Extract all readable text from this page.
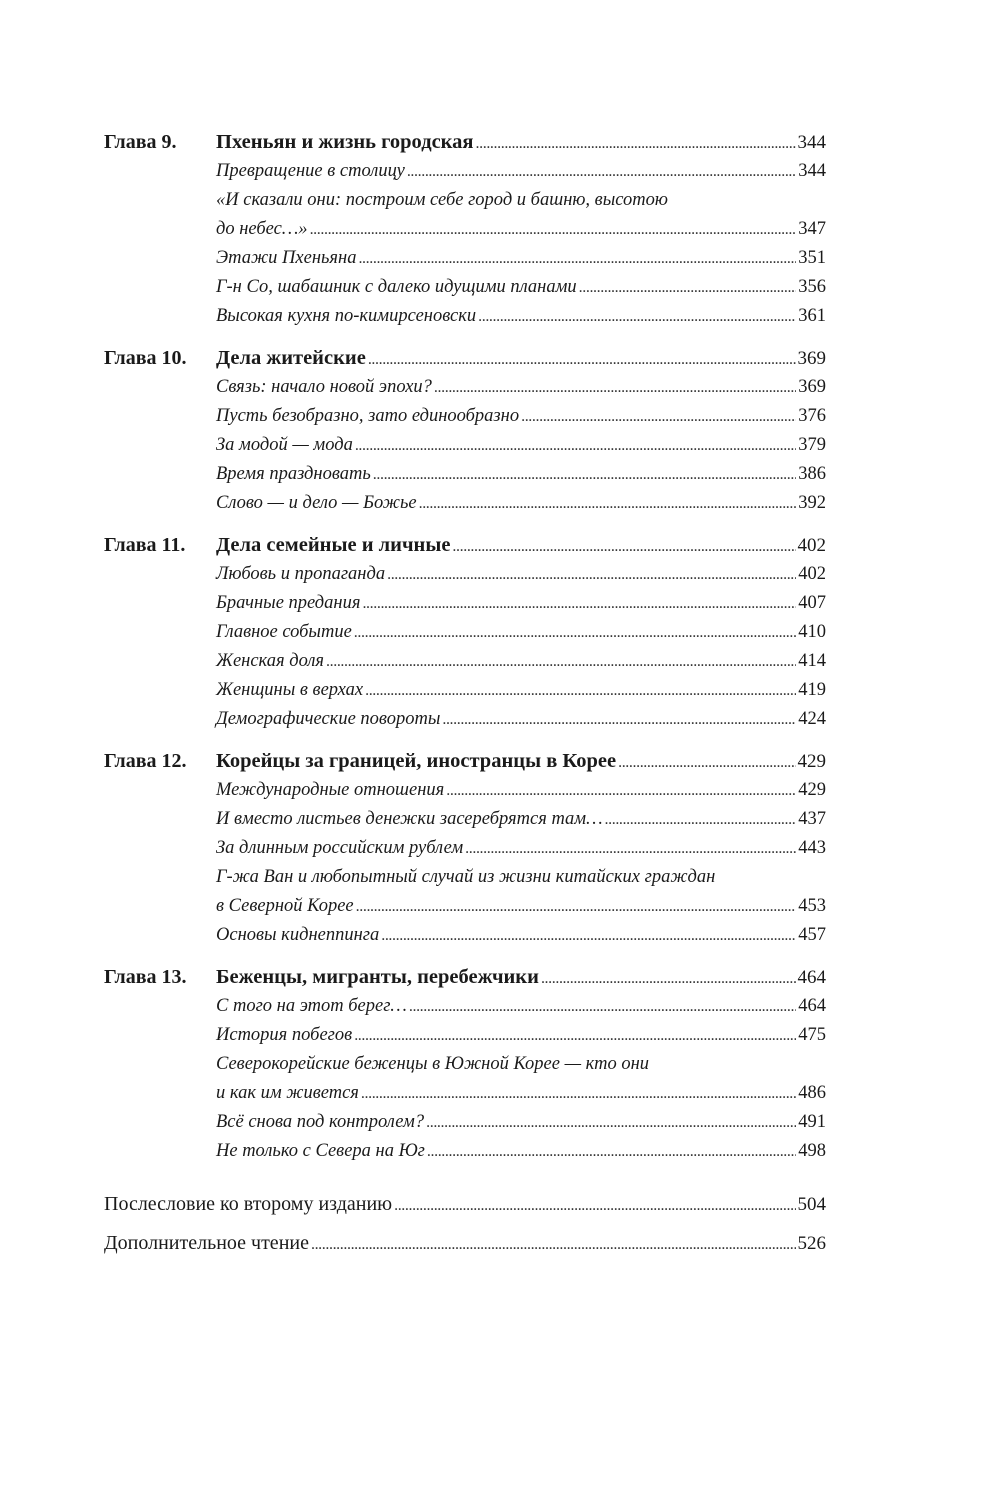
Глава 9.	Пхеньян и жизнь городская . . .	344
Превращение в столицу . . .	344
«И сказали они: построим себе город и башню, высотою
до небес…» . . .	347
Этажи Пхеньяна . . .	351
Г-н Со, шабашник с далеко идущими планами . . .	356
Высокая кухня по-кимирсеновски . . .	361
Глава 10.	Дела житейские . . .	369
Связь: начало новой эпохи? . . .	369
Пусть безобразно, зато единообразно . . .	376
За модой — мода . . .	379
Время праздновать . . .	386
Слово — и дело — Божье . . .	392
Глава 11.	Дела семейные и личные . . .	402
Любовь и пропаганда . . .	402
Брачные предания . . .	407
Главное событие . . .	410
Женская доля . . .	414
Женщины в верхах . . .	419
Демографические повороты . . .	424
Глава 12.	Корейцы за границей, иностранцы в Корее . . .	429
Международные отношения . . .	429
И вместо листьев денежки засеребрятся там… . . .	437
За длинным российским рублем . . .	443
Г-жа Ван и любопытный случай из жизни китайских граждан
в Северной Корее . . .	453
Основы киднеппинга . . .	457
Глава 13.	Беженцы, мигранты, перебежчики . . .	464
С того на этот берег… . . .	464
История побегов . . .	475
Северокорейские беженцы в Южной Корее — кто они
и как им живется . . .	486
Всё снова под контролем? . . .	491
Не только с Севера на Юг . . .	498
Послесловие ко второму изданию . . .	504
Дополнительное чтение . . .	526
